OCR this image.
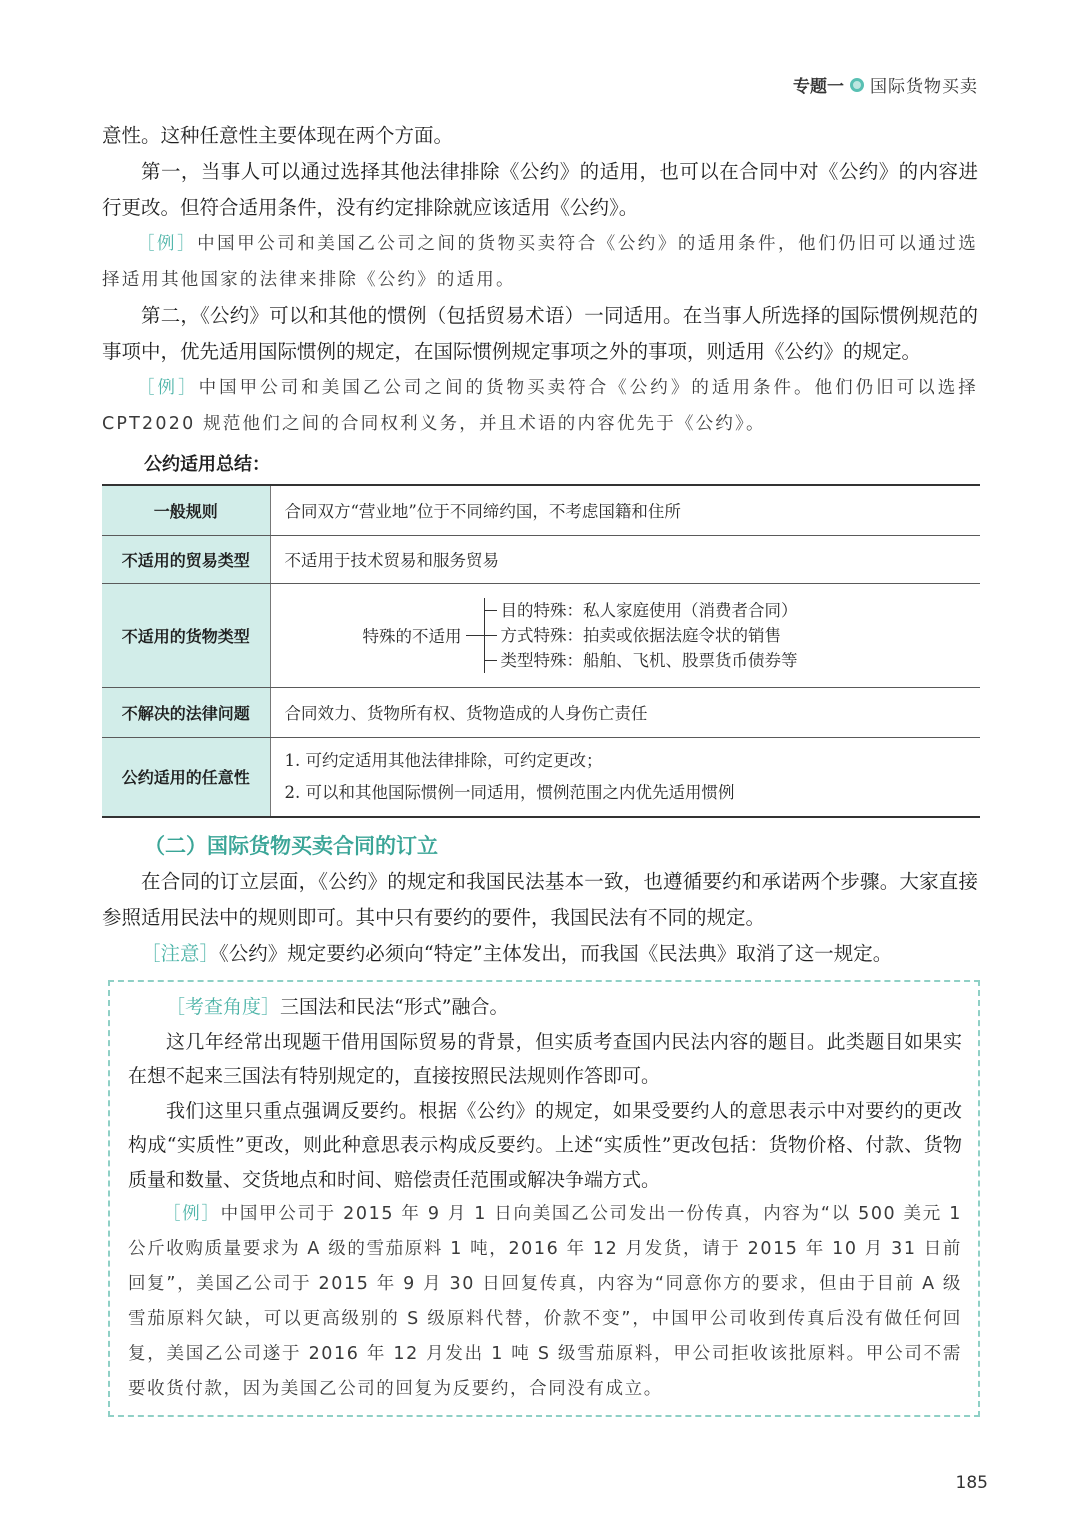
专题一 国际货物买卖

意性。这种任意性主要体现在两个方面。

第一，当事人可以通过选择其他法律排除《公约》的适用，也可以在合同中对《公约》的内容进行更改。但符合适用条件，没有约定排除就应该适用《公约》。

［例］中国甲公司和美国乙公司之间的货物买卖符合《公约》的适用条件，他们仍旧可以通过选择适用其他国家的法律来排除《公约》的适用。

第二，《公约》可以和其他的惯例（包括贸易术语）一同适用。在当事人所选择的国际惯例规范的事项中，优先适用国际惯例的规定，在国际惯例规定事项之外的事项，则适用《公约》的规定。

［例］中国甲公司和美国乙公司之间的货物买卖符合《公约》的适用条件。他们仍旧可以选择 CPT2020 规范他们之间的合同权利义务，并且术语的内容优先于《公约》。

公约适用总结：

一般规则	合同双方“营业地”位于不同缔约国，不考虑国籍和住所
不适用的贸易类型	不适用于技术贸易和服务贸易
不适用的货物类型	特殊的不适用
目的特殊：私人家庭使用（消费者合同）
方式特殊：拍卖或依据法庭令状的销售
类型特殊：船舶、飞机、股票货币债券等

不解决的法律问题	合同效力、货物所有权、货物造成的人身伤亡责任
公约适用的任意性	1. 可约定适用其他法律排除，可约定更改；
2. 可以和其他国际惯例一同适用，惯例范围之内优先适用惯例

（二）国际货物买卖合同的订立

在合同的订立层面，《公约》的规定和我国民法基本一致，也遵循要约和承诺两个步骤。大家直接参照适用民法中的规则即可。其中只有要约的要件，我国民法有不同的规定。

［注意］《公约》规定要约必须向“特定”主体发出，而我国《民法典》取消了这一规定。

［考查角度］三国法和民法“形式”融合。

这几年经常出现题干借用国际贸易的背景，但实质考查国内民法内容的题目。此类题目如果实在想不起来三国法有特别规定的，直接按照民法规则作答即可。

我们这里只重点强调反要约。根据《公约》的规定，如果受要约人的意思表示中对要约的更改构成“实质性”更改，则此种意思表示构成反要约。上述“实质性”更改包括：货物价格、付款、货物质量和数量、交货地点和时间、赔偿责任范围或解决争端方式。

［例］中国甲公司于 2015 年 9 月 1 日向美国乙公司发出一份传真，内容为“以 500 美元 1 公斤收购质量要求为 A 级的雪茄原料 1 吨，2016 年 12 月发货，请于 2015 年 10 月 31 日前回复”，美国乙公司于 2015 年 9 月 30 日回复传真，内容为“同意你方的要求，但由于目前 A 级雪茄原料欠缺，可以更高级别的 S 级原料代替，价款不变”，中国甲公司收到传真后没有做任何回复，美国乙公司遂于 2016 年 12 月发出 1 吨 S 级雪茄原料，甲公司拒收该批原料。甲公司不需要收货付款，因为美国乙公司的回复为反要约，合同没有成立。

185
